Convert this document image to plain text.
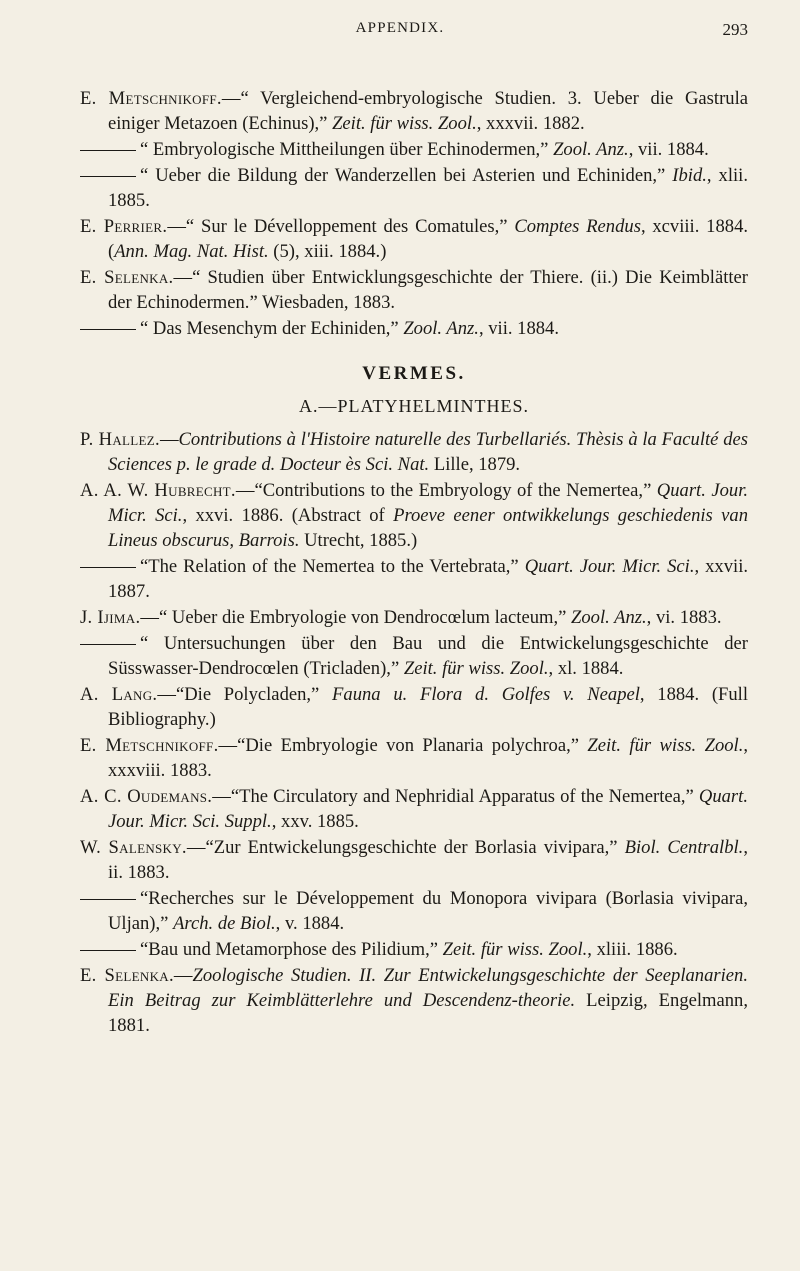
APPENDIX.	293

E. Metschnikoff.—“ Vergleichend-embryologische Studien. 3. Ueber die Gastrula einiger Metazoen (Echinus),” Zeit. für wiss. Zool., xxxvii. 1882.

“ Embryologische Mittheilungen über Echinodermen,” Zool. Anz., vii. 1884.

“ Ueber die Bildung der Wanderzellen bei Asterien und Echiniden,” Ibid., xlii. 1885.

E. Perrier.—“ Sur le Dévelloppement des Comatules,” Comptes Rendus, xcviii. 1884. (Ann. Mag. Nat. Hist. (5), xiii. 1884.)

E. Selenka.—“ Studien über Entwicklungsgeschichte der Thiere. (ii.) Die Keimblätter der Echinodermen.” Wiesbaden, 1883.

“ Das Mesenchym der Echiniden,” Zool. Anz., vii. 1884.

VERMES.
A.—PLATYHELMINTHES.

P. Hallez.—Contributions à l'Histoire naturelle des Turbellariés. Thèsis à la Faculté des Sciences p. le grade d. Docteur ès Sci. Nat. Lille, 1879.

A. A. W. Hubrecht.—“Contributions to the Embryology of the Nemertea,” Quart. Jour. Micr. Sci., xxvi. 1886. (Abstract of Proeve eener ontwikkelungs geschiedenis van Lineus obscurus, Barrois. Utrecht, 1885.)

“The Relation of the Nemertea to the Vertebrata,” Quart. Jour. Micr. Sci., xxvii. 1887.

J. Ijima.—“ Ueber die Embryologie von Dendrocœlum lacteum,” Zool. Anz., vi. 1883.

“ Untersuchungen über den Bau und die Entwickelungsgeschichte der Süsswasser-Dendrocœlen (Tricladen),” Zeit. für wiss. Zool., xl. 1884.

A. Lang.—“Die Polycladen,” Fauna u. Flora d. Golfes v. Neapel, 1884. (Full Bibliography.)

E. Metschnikoff.—“Die Embryologie von Planaria polychroa,” Zeit. für wiss. Zool., xxxviii. 1883.

A. C. Oudemans.—“The Circulatory and Nephridial Apparatus of the Nemertea,” Quart. Jour. Micr. Sci. Suppl., xxv. 1885.

W. Salensky.—“Zur Entwickelungsgeschichte der Borlasia vivipara,” Biol. Centralbl., ii. 1883.

“Recherches sur le Développement du Monopora vivipara (Borlasia vivipara, Uljan),” Arch. de Biol., v. 1884.

“Bau und Metamorphose des Pilidium,” Zeit. für wiss. Zool., xliii. 1886.

E. Selenka.—Zoologische Studien. II. Zur Entwickelungsgeschichte der Seeplanarien. Ein Beitrag zur Keimblätterlehre und Descendenz-theorie. Leipzig, Engelmann, 1881.
